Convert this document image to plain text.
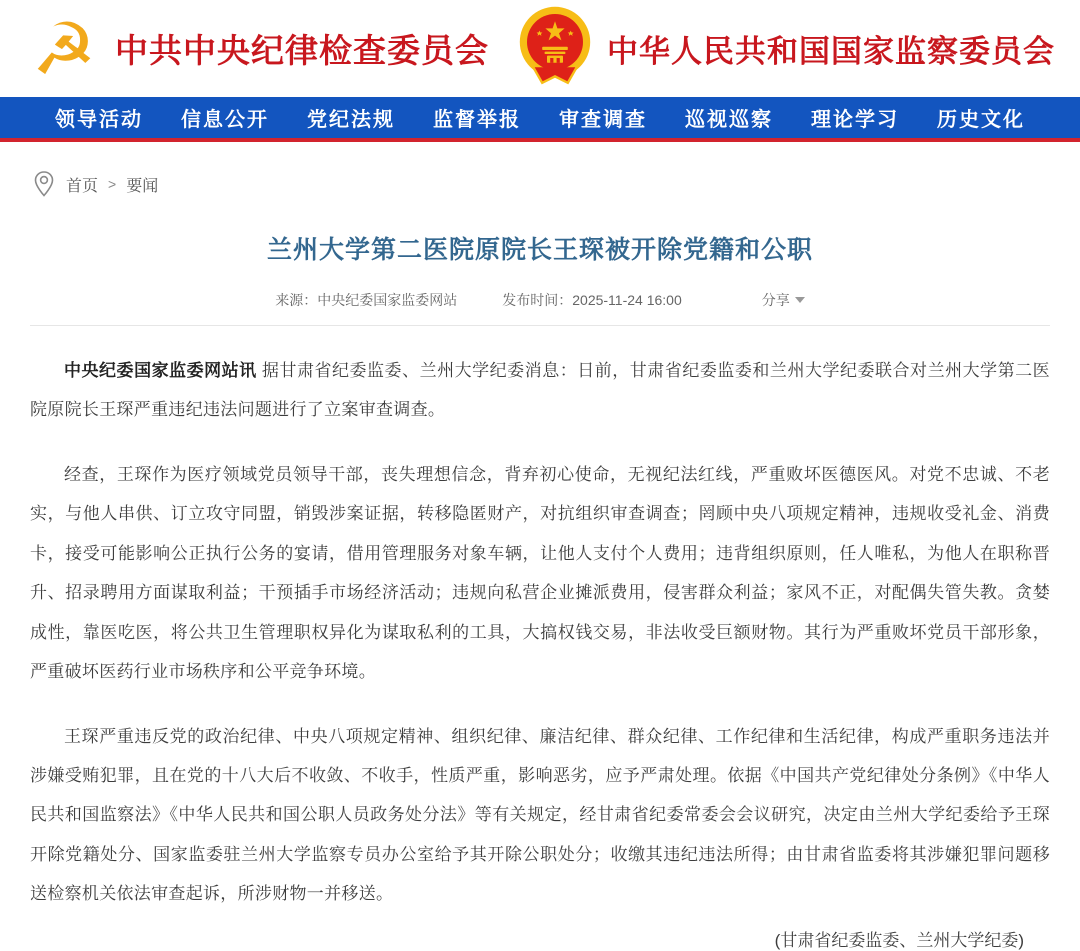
☭ 中共中央纪律检查委员会	中华人民共和国国家监察委员会
领导活动 信息公开 党纪法规 监督举报 审查调查 巡视巡察 理论学习 历史文化
首页 > 要闻
兰州大学第二医院原院长王琛被开除党籍和公职
来源：中央纪委国家监委网站	发布时间：2025-11-24 16:00	分享

中央纪委国家监委网站讯 据甘肃省纪委监委、兰州大学纪委消息：日前，甘肃省纪委监委和兰州大学纪委联合对兰州大学第二医院原院长王琛严重违纪违法问题进行了立案审查调查。

经查，王琛作为医疗领域党员领导干部，丧失理想信念，背弃初心使命，无视纪法红线，严重败坏医德医风。对党不忠诚、不老实，与他人串供、订立攻守同盟，销毁涉案证据，转移隐匿财产，对抗组织审查调查；罔顾中央八项规定精神，违规收受礼金、消费卡，接受可能影响公正执行公务的宴请，借用管理服务对象车辆，让他人支付个人费用；违背组织原则，任人唯私，为他人在职称晋升、招录聘用方面谋取利益；干预插手市场经济活动；违规向私营企业摊派费用，侵害群众利益；家风不正，对配偶失管失教。贪婪成性，靠医吃医，将公共卫生管理职权异化为谋取私利的工具，大搞权钱交易，非法收受巨额财物。其行为严重败坏党员干部形象，严重破坏医药行业市场秩序和公平竞争环境。

王琛严重违反党的政治纪律、中央八项规定精神、组织纪律、廉洁纪律、群众纪律、工作纪律和生活纪律，构成严重职务违法并涉嫌受贿犯罪，且在党的十八大后不收敛、不收手，性质严重，影响恶劣，应予严肃处理。依据《中国共产党纪律处分条例》《中华人民共和国监察法》《中华人民共和国公职人员政务处分法》等有关规定，经甘肃省纪委常委会会议研究，决定由兰州大学纪委给予王琛开除党籍处分、国家监委驻兰州大学监察专员办公室给予其开除公职处分；收缴其违纪违法所得；由甘肃省监委将其涉嫌犯罪问题移送检察机关依法审查起诉，所涉财物一并移送。

(甘肃省纪委监委、兰州大学纪委)
